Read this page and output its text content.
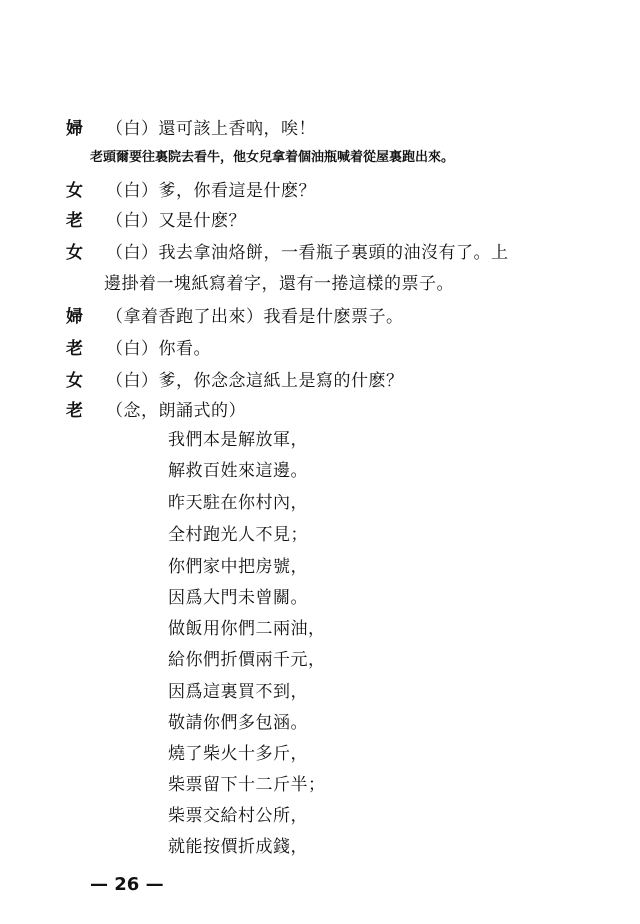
婦	（白）還可該上香吶，唉！
老頭爾要往裏院去看牛，他女兒拿着個油瓶喊着從屋裏跑出來。
女	（白）爹，你看這是什麽？
老	（白）又是什麽？
女	（白）我去拿油烙餅，一看瓶子裏頭的油沒有了。上
邊掛着一塊紙寫着字，還有一捲這樣的票子。
婦	（拿着香跑了出來）我看是什麽票子。
老	（白）你看。
女	（白）爹，你念念這紙上是寫的什麽？
老	（念，朗誦式的）
我們本是解放軍，
解救百姓來這邊。
昨天駐在你村內，
全村跑光人不見；
你們家中把房號，
因爲大門未曾關。
做飯用你們二兩油，
給你們折價兩千元，
因爲這裏買不到，
敬請你們多包涵。
燒了柴火十多斤，
柴票留下十二斤半；
柴票交給村公所，
就能按價折成錢，
— 26 —
